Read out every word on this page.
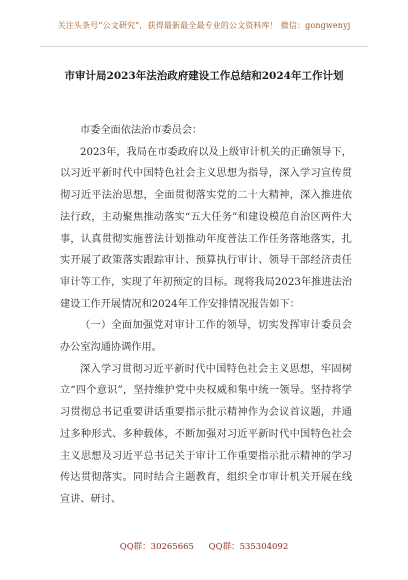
关注头条号“公文研究”，获得最新最全最专业的公文资料库！ 微信：gongwenyj
市审计局2023年法治政府建设工作总结和2024年工作计划

市委全面依法治市委员会：

2023年，我局在市委政府以及上级审计机关的正确领导下，以习近平新时代中国特色社会主义思想为指导，深入学习宣传贯彻习近平法治思想，全面贯彻落实党的二十大精神，深入推进依法行政，主动聚焦推动落实“五大任务”和建设模范自治区两件大事，认真贯彻实施普法计划推动年度普法工作任务落地落实，扎实开展了政策落实跟踪审计、预算执行审计、领导干部经济责任审计等工作，实现了年初预定的目标。现将我局2023年推进法治建设工作开展情况和2024年工作安排情况报告如下：

（一）全面加强党对审计工作的领导，切实发挥审计委员会办公室沟通协调作用。

深入学习贯彻习近平新时代中国特色社会主义思想，牢固树立“四个意识”，坚持维护党中央权威和集中统一领导。坚持将学习贯彻总书记重要讲话重要指示批示精神作为会议首议题，并通过多种形式、多种载体，不断加强对习近平新时代中国特色社会主义思想及习近平总书记关于审计工作重要指示批示精神的学习传达贯彻落实。同时结合主题教育，组织全市审计机关开展在线宣讲、研讨、

QQ群：30265665 QQ群：535304092
